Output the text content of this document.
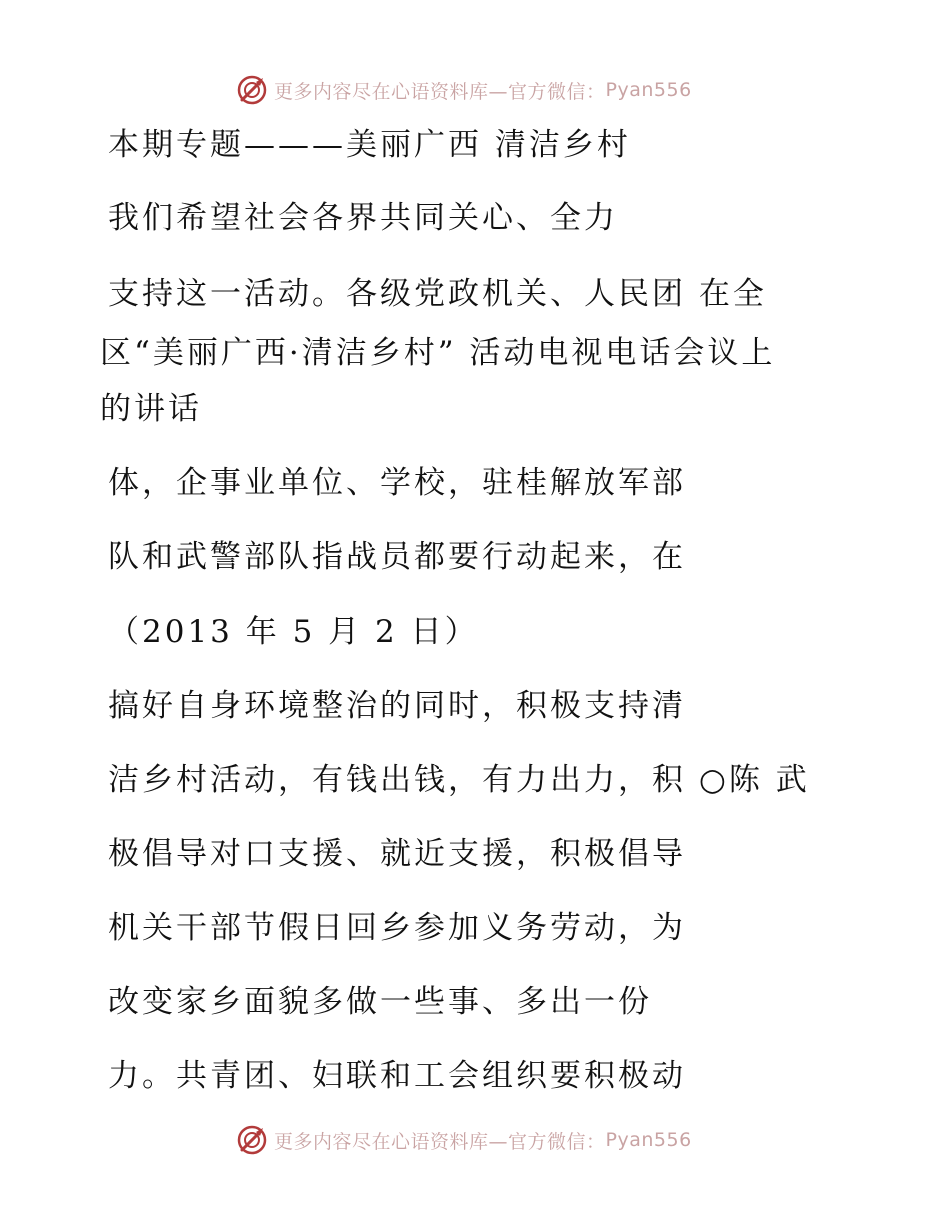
更多内容尽在心语资料库—官方微信： Pyan556
本期专题———美丽广西 清洁乡村
我们希望社会各界共同关心、全力
支持这一活动。各级党政机关、人民团 在全
区“美丽广西·清洁乡村” 活动电视电话会议上
的讲话
体，企事业单位、学校，驻桂解放军部
队和武警部队指战员都要行动起来，在
（2013 年 5 月 2 日）
搞好自身环境整治的同时，积极支持清
洁乡村活动，有钱出钱，有力出力，积 ○陈 武
极倡导对口支援、就近支援，积极倡导
机关干部节假日回乡参加义务劳动，为
改变家乡面貌多做一些事、多出一份
力。共青团、妇联和工会组织要积极动
更多内容尽在心语资料库—官方微信： Pyan556
